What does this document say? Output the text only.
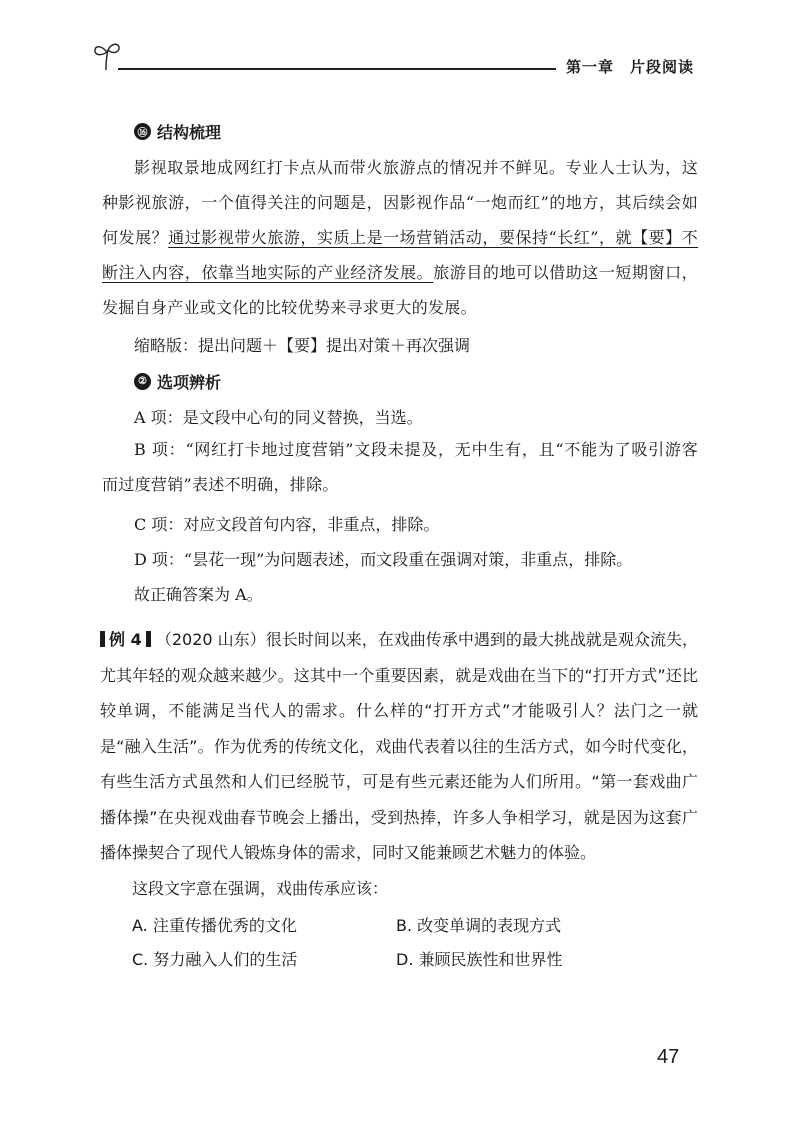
第一章 片段阅读
⑯ 结构梳理
影视取景地成网红打卡点从而带火旅游点的情况并不鲜见。专业人士认为，这种影视旅游，一个值得关注的问题是，因影视作品“一炮而红”的地方，其后续会如何发展？通过影视带火旅游，实质上是一场营销活动，要保持“长红”，就【要】不断注入内容，依靠当地实际的产业经济发展。旅游目的地可以借助这一短期窗口，发掘自身产业或文化的比较优势来寻求更大的发展。
缩略版：提出问题＋【要】提出对策＋再次强调
② 选项辨析
A 项：是文段中心句的同义替换，当选。
B 项：“网红打卡地过度营销”文段未提及，无中生有，且“不能为了吸引游客而过度营销”表述不明确，排除。
C 项：对应文段首句内容，非重点，排除。
D 项：“昙花一现”为问题表述，而文段重在强调对策，非重点，排除。
故正确答案为 A。
例 4 （2020 山东）很长时间以来，在戏曲传承中遇到的最大挑战就是观众流失，尤其年轻的观众越来越少。这其中一个重要因素，就是戏曲在当下的“打开方式”还比较单调，不能满足当代人的需求。什么样的“打开方式”才能吸引人？法门之一就是“融入生活”。作为优秀的传统文化，戏曲代表着以往的生活方式，如今时代变化，有些生活方式虽然和人们已经脱节，可是有些元素还能为人们所用。“第一套戏曲广播体操”在央视戏曲春节晚会上播出，受到热捧，许多人争相学习，就是因为这套广播体操契合了现代人锻炼身体的需求，同时又能兼顾艺术魅力的体验。
这段文字意在强调，戏曲传承应该：
A. 注重传播优秀的文化	B. 改变单调的表现方式
C. 努力融入人们的生活	D. 兼顾民族性和世界性
47
